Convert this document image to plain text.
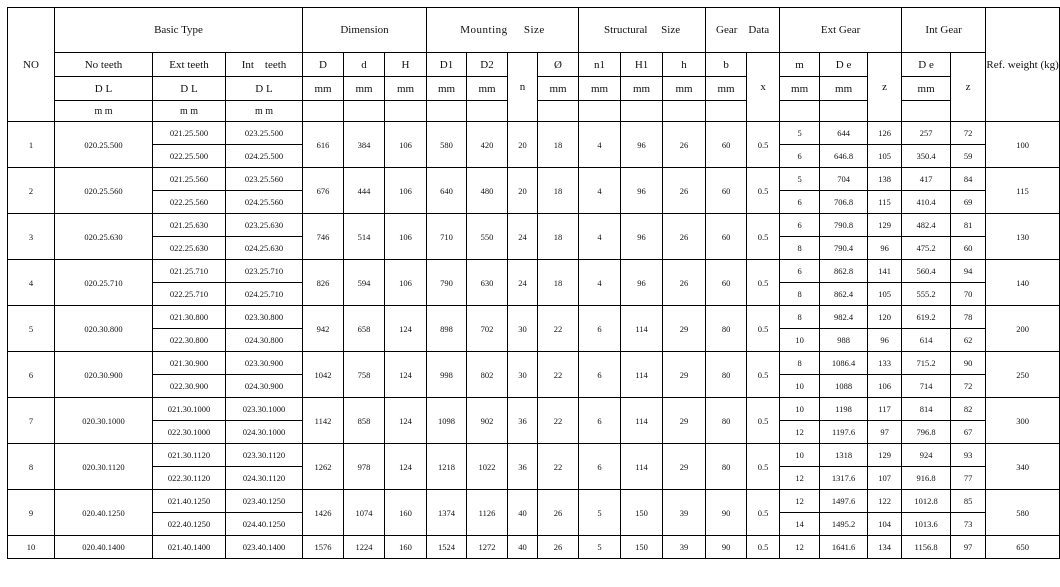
NO	Basic Type			Dimension			Mounting     Size				Structural     Size			Gear    Data		Ext Gear			Int Gear		Ref. weight (kg)
	No teeth	Ext teeth	Int    teeth	D	d	H	D1	D2	n	Ø	n1	H1	h	b	x	m	D e	z	D e	z	
	D L	D L	D L	mm	mm	mm	mm	mm		mm	mm	mm	mm	mm		mm	mm		mm		

	m m	m m	m m																		
1	020.25.500	021.25.500	023.25.500	616	384	106	580	420	20	18	4	96	26	60	0.5	5	644	126	257	72	100
		022.25.500	024.25.500													6	646.8	105	350.4	59	
2	020.25.560	021.25.560	023.25.560	676	444	106	640	480	20	18	4	96	26	60	0.5	5	704	138	417	84	115
		022.25.560	024.25.560													6	706.8	115	410.4	69	
3	020.25.630	021.25.630	023.25.630	746	514	106	710	550	24	18	4	96	26	60	0.5	6	790.8	129	482.4	81	130
		022.25.630	024.25.630													8	790.4	96	475.2	60	
4	020.25.710	021.25.710	023.25.710	826	594	106	790	630	24	18	4	96	26	60	0.5	6	862.8	141	560.4	94	140
		022.25.710	024.25.710													8	862.4	105	555.2	70	
5	020.30.800	021.30.800	023.30.800	942	658	124	898	702	30	22	6	114	29	80	0.5	8	982.4	120	619.2	78	200
		022.30.800	024.30.800													10	988	96	614	62	
6	020.30.900	021.30.900	023.30.900	1042	758	124	998	802	30	22	6	114	29	80	0.5	8	1086.4	133	715.2	90	250
		022.30.900	024.30.900													10	1088	106	714	72	
7	020.30.1000	021.30.1000	023.30.1000	1142	858	124	1098	902	36	22	6	114	29	80	0.5	10	1198	117	814	82	300
		022.30.1000	024.30.1000													12	1197.6	97	796.8	67	
8	020.30.1120	021.30.1120	023.30.1120	1262	978	124	1218	1022	36	22	6	114	29	80	0.5	10	1318	129	924	93	340
		022.30.1120	024.30.1120													12	1317.6	107	916.8	77	
9	020.40.1250	021.40.1250	023.40.1250	1426	1074	160	1374	1126	40	26	5	150	39	90	0.5	12	1497.6	122	1012.8	85	580
		022.40.1250	024.40.1250													14	1495.2	104	1013.6	73	
10	020.40.1400	021.40.1400	023.40.1400	1576	1224	160	1524	1272	40	26	5	150	39	90	0.5	12	1641.6	134	1156.8	97	650
